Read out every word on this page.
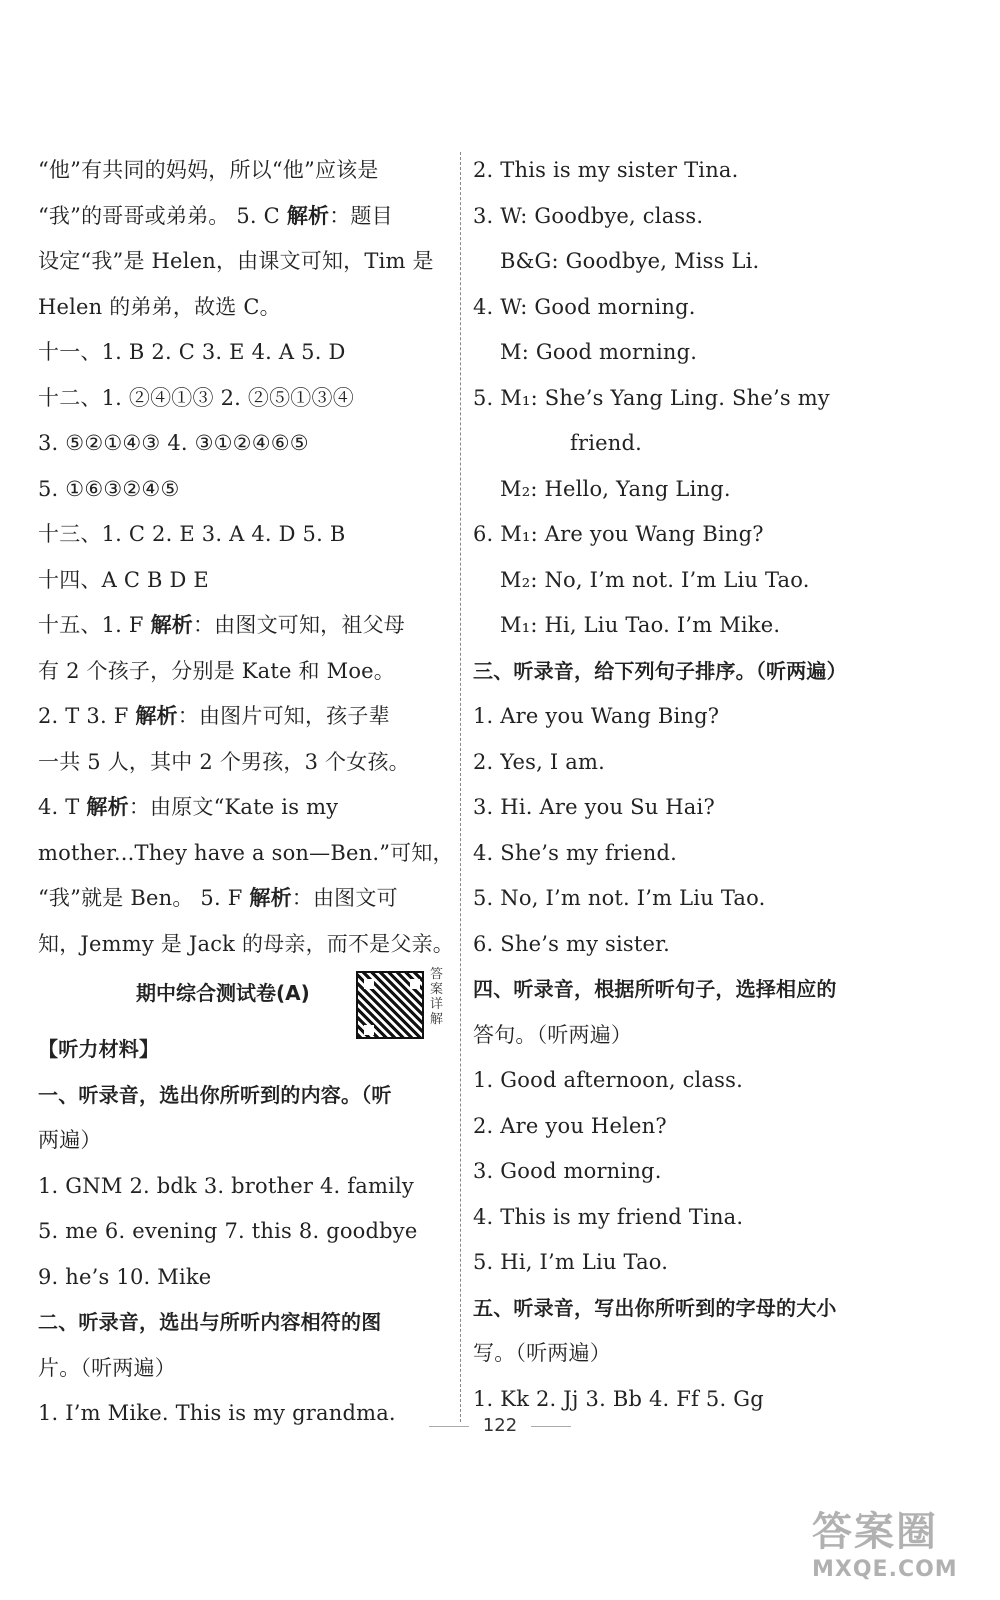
“他”有共同的妈妈，所以“他”应该是
“我”的哥哥或弟弟。 5. C 解析：题目
设定“我”是 Helen，由课文可知，Tim 是
Helen 的弟弟，故选 C。
十一、1. B 2. C 3. E 4. A 5. D
十二、1. ②④①③ 2. ②⑤①③④
3. ⑤②①④③ 4. ③①②④⑥⑤
5. ①⑥③②④⑤
十三、1. C 2. E 3. A 4. D 5. B
十四、A C B D E
十五、1. F 解析：由图文可知，祖父母
有 2 个孩子，分别是 Kate 和 Moe。
2. T 3. F 解析：由图片可知，孩子辈
一共 5 人，其中 2 个男孩，3 个女孩。
4. T 解析：由原文“Kate is my
mother...They have a son—Ben.”可知，
“我”就是 Ben。 5. F 解析：由图文可
知，Jemmy 是 Jack 的母亲，而不是父亲。
期中综合测试卷(A)
答案详解
【听力材料】
一、听录音，选出你所听到的内容。（听
两遍）
1. GNM 2. bdk 3. brother 4. family
5. me 6. evening 7. this 8. goodbye
9. he’s 10. Mike
二、听录音，选出与所听内容相符的图
片。（听两遍）
1. I’m Mike. This is my grandma.
2. This is my sister Tina.
3. W: Goodbye, class.
B&G: Goodbye, Miss Li.
4. W: Good morning.
M: Good morning.
5. M₁: She’s Yang Ling. She’s my
friend.
M₂: Hello, Yang Ling.
6. M₁: Are you Wang Bing?
M₂: No, I’m not. I’m Liu Tao.
M₁: Hi, Liu Tao. I’m Mike.
三、听录音，给下列句子排序。（听两遍）
1. Are you Wang Bing?
2. Yes, I am.
3. Hi. Are you Su Hai?
4. She’s my friend.
5. No, I’m not. I’m Liu Tao.
6. She’s my sister.
四、听录音，根据所听句子，选择相应的
答句。（听两遍）
1. Good afternoon, class.
2. Are you Helen?
3. Good morning.
4. This is my friend Tina.
5. Hi, I’m Liu Tao.
五、听录音，写出你所听到的字母的大小
写。（听两遍）
1. Kk 2. Jj 3. Bb 4. Ff 5. Gg
122
答案圈
MXQE.COM
